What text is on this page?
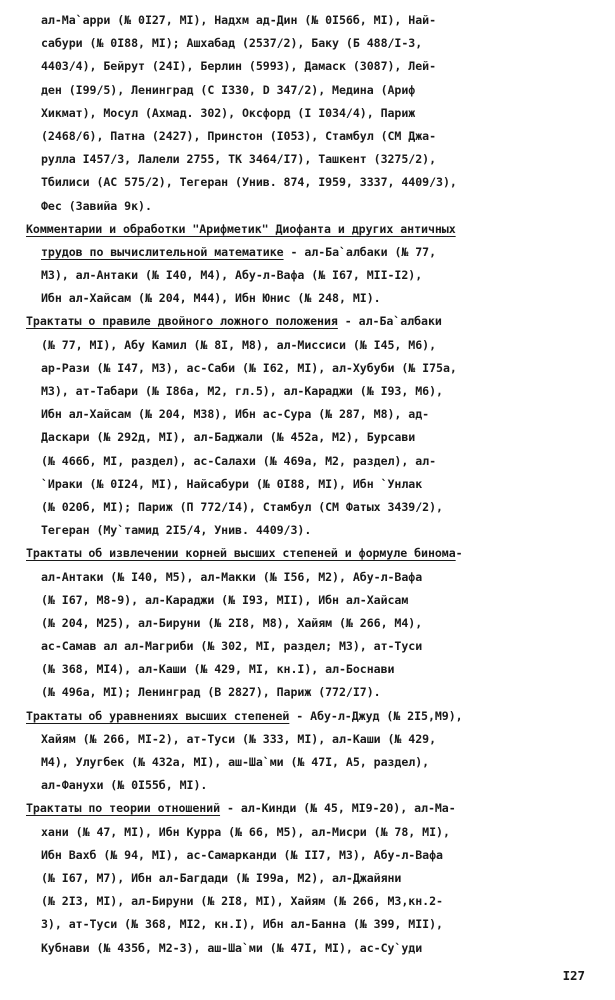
ал-Ма`арри (№ 0I27, МI), Надхм ад-Дин (№ 0I56б, МI), Най-
сабури (№ 0I88, МI); Ашхабад (2537/2), Баку (Б 488/I-3,
4403/4), Бейрут (24I), Берлин (5993), Дамаск (3087), Лей-
ден (I99/5), Ленинград (С I330, D 347/2), Медина (Ариф
Хикмат), Мосул (Ахмад. 302), Оксфорд (I I034/4), Париж
(2468/6), Патна (2427), Принстон (I053), Стамбул (СМ Джа-
рулла I457/3, Лалели 2755, ТК 3464/I7), Ташкент (3275/2),
Тбилиси (АС 575/2), Тегеран (Унив. 874, I959, 3337, 4409/3),
Фес (Завийа 9к).
Комментарии и обработки "Арифметик" Диофанта и других античных
трудов по вычислительной математике - ал-Ба`албаки (№ 77,
М3), ал-Антаки (№ I40, М4), Абу-л-Вафа (№ I67, МII-I2),
Ибн ал-Хайсам (№ 204, М44), Ибн Юнис (№ 248, МI).
Трактаты о правиле двойного ложного положения - ал-Ба`албаки
(№ 77, МI), Абу Камил (№ 8I, М8), ал-Миссиси (№ I45, М6),
ар-Рази (№ I47, М3), ас-Саби (№ I62, МI), ал-Хубуби (№ I75а,
М3), ат-Табари (№ I86а, М2, гл.5), ал-Караджи (№ I93, М6),
Ибн ал-Хайсам (№ 204, М38), Ибн ас-Сура (№ 287, М8), ад-
Даскари (№ 292д, МI), ал-Баджали (№ 452а, М2), Бурсави
(№ 466б, МI, раздел), ас-Салахи (№ 469а, М2, раздел), ал-
`Ираки (№ 0I24, МI), Найсабури (№ 0I88, МI), Ибн `Унлак
(№ 020б, МI); Париж (П 772/I4), Стамбул (СМ Фатых 3439/2),
Тегеран (Му`тамид 2I5/4, Унив. 4409/3).
Трактаты об извлечении корней высших степеней и формуле бинома-
ал-Антаки (№ I40, М5), ал-Макки (№ I56, М2), Абу-л-Вафа
(№ I67, М8-9), ал-Караджи (№ I93, МII), Ибн ал-Хайсам
(№ 204, М25), ал-Бируни (№ 2I8, М8), Хайям (№ 266, М4),
ас-Самав ал ал-Магриби (№ 302, МI, раздел; М3), ат-Туси
(№ 368, МI4), ал-Каши (№ 429, МI, кн.I), ал-Боснави
(№ 496а, МI); Ленинград (В 2827), Париж (772/I7).
Трактаты об уравнениях высших степеней - Абу-л-Джуд (№ 2I5,М9),
Хайям (№ 266, МI-2), ат-Туси (№ 333, МI), ал-Каши (№ 429,
М4), Улугбек (№ 432а, МI), аш-Ша`ми (№ 47I, А5, раздел),
ал-Фанухи (№ 0I55б, МI).
Трактаты по теории отношений - ал-Кинди (№ 45, МI9-20), ал-Ма-
хани (№ 47, МI), Ибн Курра (№ 66, М5), ал-Мисри (№ 78, МI),
Ибн Вахб (№ 94, МI), ас-Самарканди (№ II7, М3), Абу-л-Вафа
(№ I67, М7), Ибн ал-Багдади (№ I99а, М2), ал-Джайяни
(№ 2I3, МI), ал-Бируни (№ 2I8, МI), Хайям (№ 266, М3,кн.2-
3), ат-Туси (№ 368, МI2, кн.I), Ибн ал-Банна (№ 399, МII),
Кубнави (№ 435б, М2-3), аш-Ша`ми (№ 47I, МI), ас-Су`уди
I27
